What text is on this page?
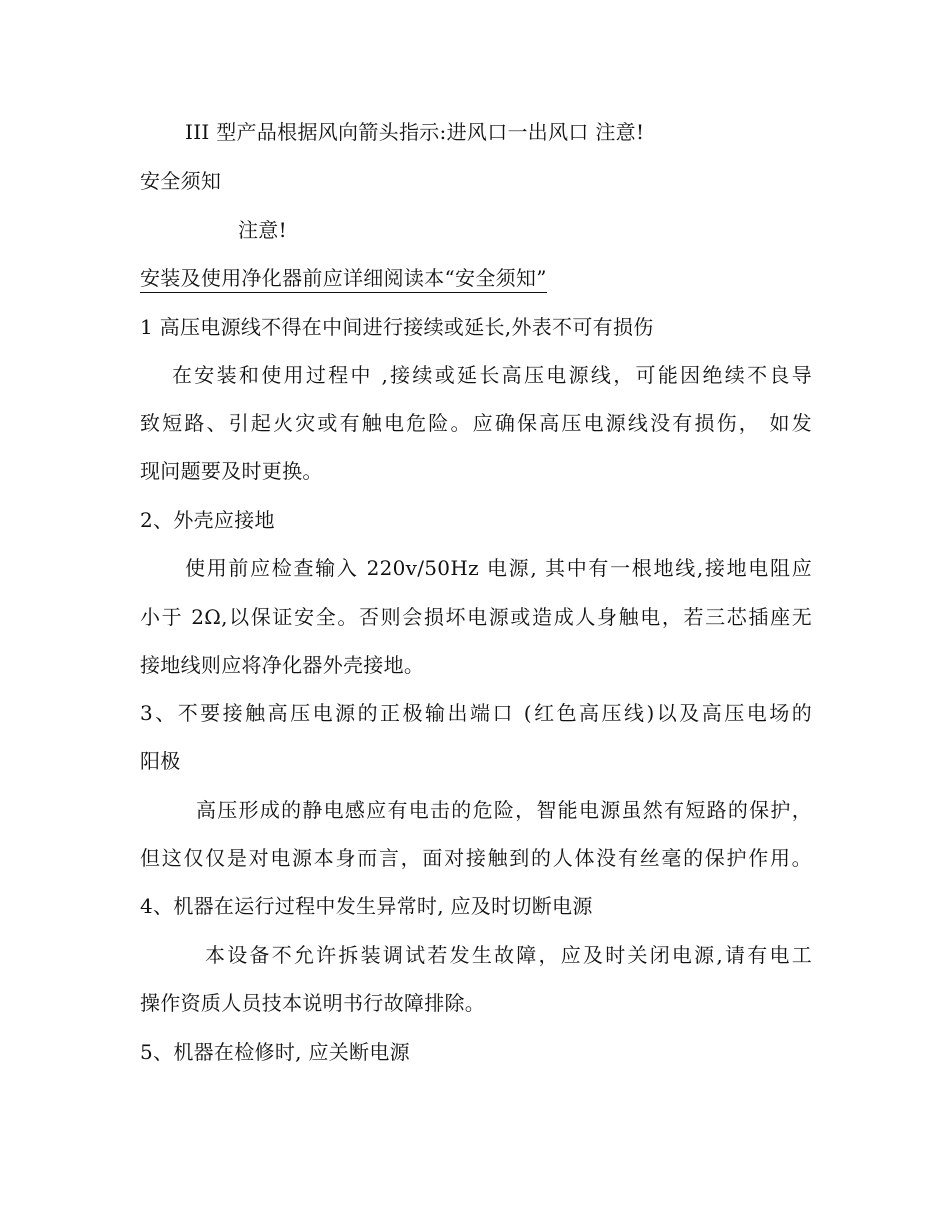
III 型产品根据风向箭头指示:进风口一出风口 注意!
安全须知
注意!
安装及使用净化器前应详细阅读本“安全须知”
1 高压电源线不得在中间进行接续或延长,外表不可有损伤
在安装和使用过程中 ,接续或延长高压电源线，可能因绝续不良导
致短路、引起火灾或有触电危险。应确保高压电源线没有损伤， 如发
现问题要及时更换。
2、外壳应接地
使用前应检查输入 220v/50Hz 电源, 其中有一根地线,接地电阻应
小于 2Ω,以保证安全。否则会损坏电源或造成人身触电，若三芯插座无
接地线则应将净化器外壳接地。
3、不要接触高压电源的正极输出端口 (红色高压线)以及高压电场的
阳极
高压形成的静电感应有电击的危险，智能电源虽然有短路的保护，
但这仅仅是对电源本身而言，面对接触到的人体没有丝毫的保护作用。
4、机器在运行过程中发生异常时, 应及时切断电源
本设备不允许拆装调试若发生故障，应及时关闭电源,请有电工
操作资质人员技本说明书行故障排除。
5、机器在检修时, 应关断电源
